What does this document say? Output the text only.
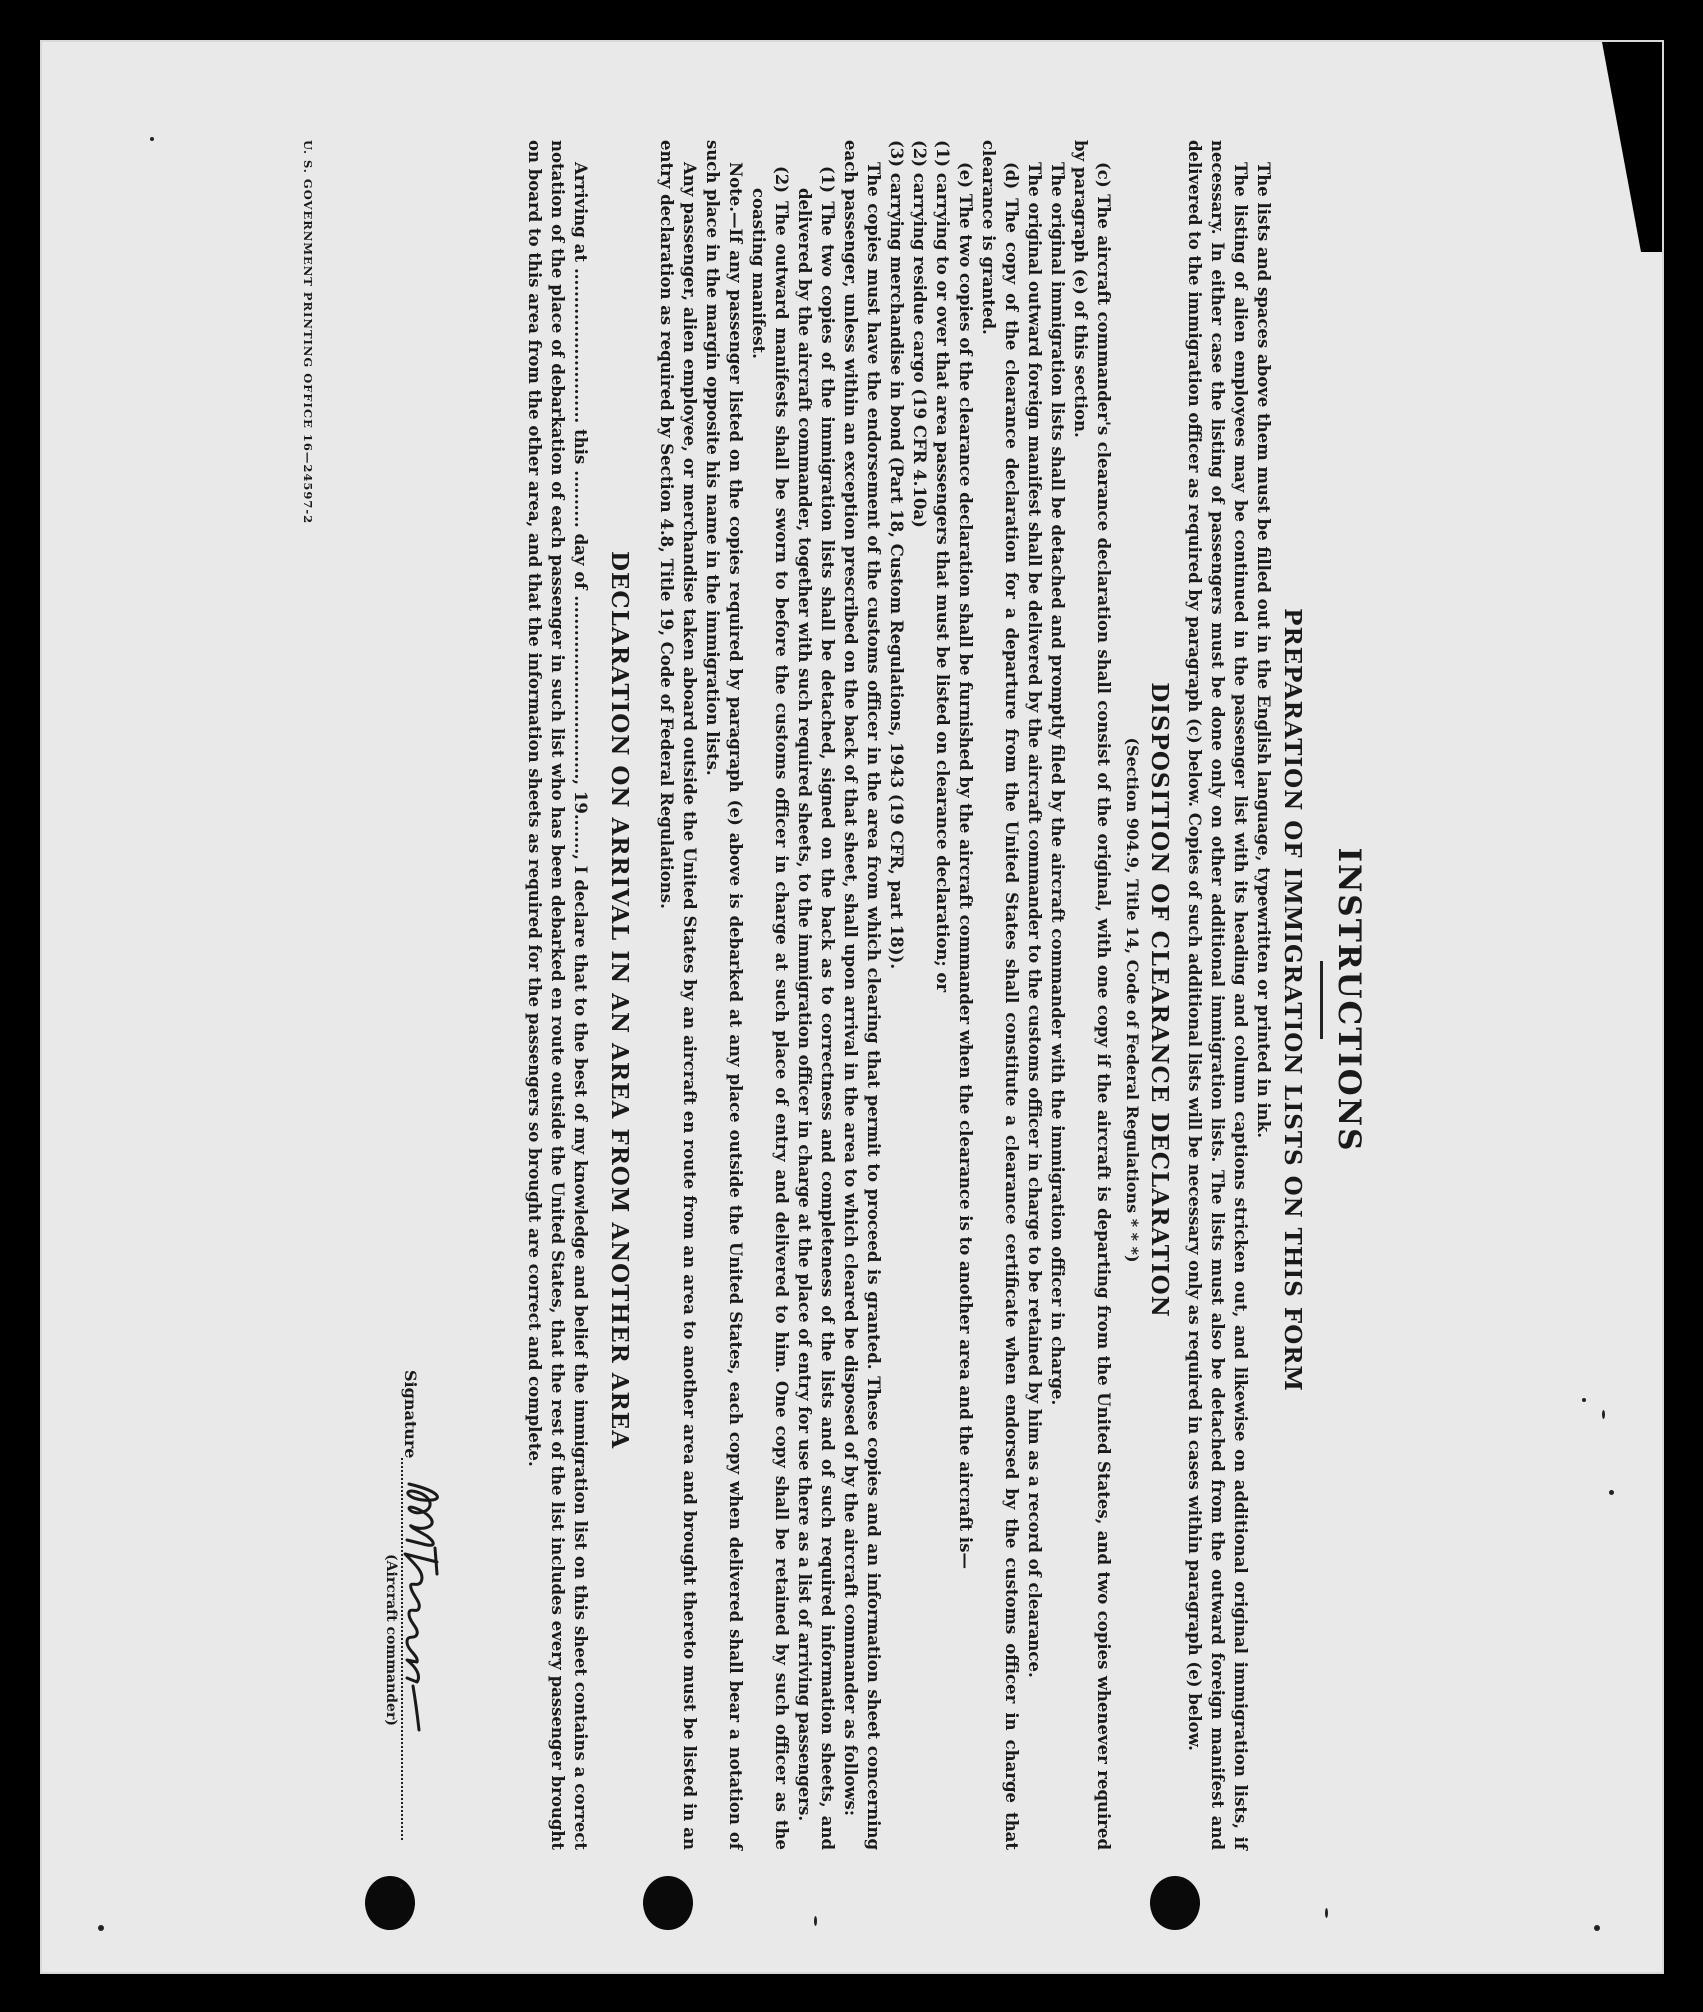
INSTRUCTIONS
PREPARATION OF IMMIGRATION LISTS ON THIS FORM

The lists and spaces above them must be filled out in the English language, typewritten or printed in ink.

The listing of alien employees may be continued in the passenger list with its heading and column captions stricken out, and likewise on additional original immigration lists, if necessary. In either case the listing of passengers must be done only on other additional immigration lists. The lists must also be detached from the outward foreign manifest and delivered to the immigration officer as required by paragraph (c) below. Copies of such additional lists will be necessary only as required in cases within paragraph (e) below.

DISPOSITION OF CLEARANCE DECLARATION
(Section 904.9, Title 14, Code of Federal Regulations * * *)

(c) The aircraft commander's clearance declaration shall consist of the original, with one copy if the aircraft is departing from the United States, and two copies whenever required by paragraph (e) of this section.

The original immigration lists shall be detached and promptly filed by the aircraft commander with the immigration officer in charge.

The original outward foreign manifest shall be delivered by the aircraft commander to the customs officer in charge to be retained by him as a record of clearance.

(d) The copy of the clearance declaration for a departure from the United States shall constitute a clearance certificate when endorsed by the customs officer in charge that clearance is granted.

(e) The two copies of the clearance declaration shall be furnished by the aircraft commander when the clearance is to another area and the aircraft is—

(1) carrying to or over that area passengers that must be listed on clearance declaration; or

(2) carrying residue cargo (19 CFR 4.10a)

(3) carrying merchandise in bond (Part 18, Custom Regulations, 1943 (19 CFR, part 18)).

The copies must have the endorsement of the customs officer in the area from which clearing that permit to proceed is granted. These copies and an information sheet concerning each passenger, unless within an exception prescribed on the back of that sheet, shall upon arrival in the area to which cleared be disposed of by the aircraft commander as follows:

(1) The two copies of the immigration lists shall be detached, signed on the back as to correctness and completeness of the lists and of such required information sheets, and delivered by the aircraft commander, together with such required sheets, to the immigration officer in charge at the place of entry for use there as a list of arriving passengers.

(2) The outward manifests shall be sworn to before the customs officer in charge at such place of entry and delivered to him. One copy shall be retained by such officer as the coasting manifest.

Note.—If any passenger listed on the copies required by paragraph (e) above is debarked at any place outside the United States, each copy when delivered shall bear a notation of such place in the margin opposite his name in the immigration lists.

Any passenger, alien employee, or merchandise taken aboard outside the United States by an aircraft en route from an area to another area and brought thereto must be listed in an entry declaration as required by Section 4.8, Title 19, Code of Federal Regulations.

DECLARATION ON ARRIVAL IN AN AREA FROM ANOTHER AREA

Arriving at ........................... this .......... day of ................................, 19......., I declare that to the best of my knowledge and belief the immigration list on this sheet contains a correct notation of the place of debarkation of each passenger in such list who has been debarked en route outside the United States, that the rest of the list includes every passenger brought on board to this area from the other area, and that the information sheets as required for the passengers so brought are correct and complete.

Signature
(Aircraft commander)
U. S. GOVERNMENT PRINTING OFFICE 16—24597-2
